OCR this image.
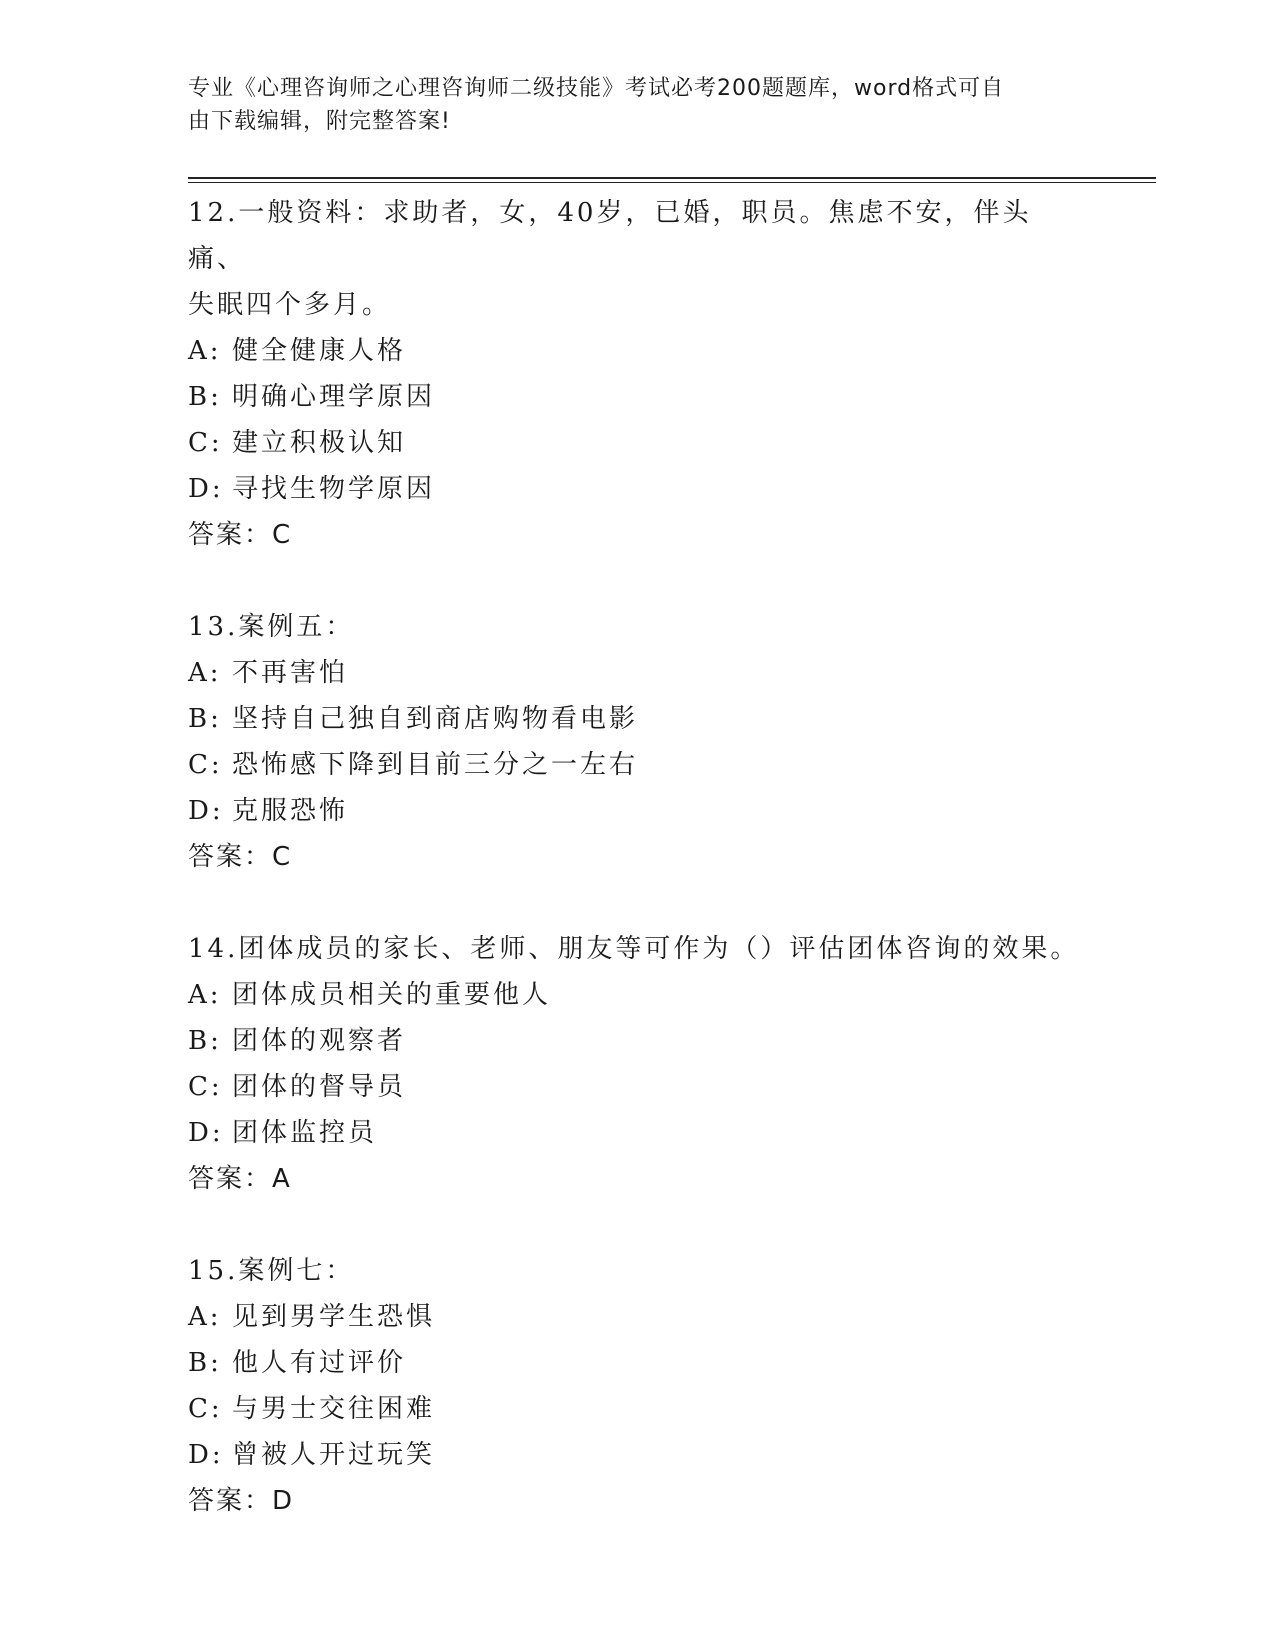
专业《心理咨询师之心理咨询师二级技能》考试必考200题题库，word格式可自
由下载编辑，附完整答案!
12.一般资料：求助者，女，40岁，已婚，职员。焦虑不安，伴头痛、
失眠四个多月。
A: 健全健康人格
B: 明确心理学原因
C: 建立积极认知
D: 寻找生物学原因
答案：C
13.案例五：
A: 不再害怕
B: 坚持自己独自到商店购物看电影
C: 恐怖感下降到目前三分之一左右
D: 克服恐怖
答案：C
14.团体成员的家长、老师、朋友等可作为（）评估团体咨询的效果。
A: 团体成员相关的重要他人
B: 团体的观察者
C: 团体的督导员
D: 团体监控员
答案：A
15.案例七：
A: 见到男学生恐惧
B: 他人有过评价
C: 与男士交往困难
D: 曾被人开过玩笑
答案：D
